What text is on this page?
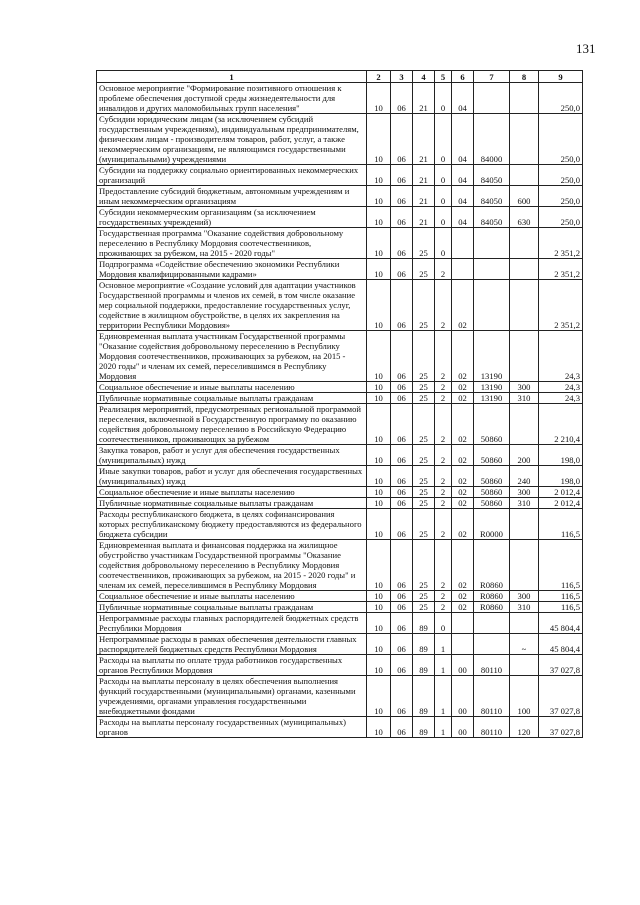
131
1	2	3	4	5	6	7	8	9
Основное мероприятие "Формирование позитивного отношения к проблеме обеспечения доступной среды жизнедеятельности для инвалидов и других маломобильных групп населения"	10	06	21	0	04			250,0
Субсидии юридическим лицам (за исключением субсидий государственным учреждениям), индивидуальным предпринимателям, физическим лицам - производителям товаров, работ, услуг, а также некоммерческим организациям, не являющимся государственными (муниципальными) учреждениями	10	06	21	0	04	84000		250,0
Субсидии на поддержку социально ориентированных некоммерческих организаций	10	06	21	0	04	84050		250,0
Предоставление субсидий бюджетным, автономным учреждениям и иным некоммерческим организациям	10	06	21	0	04	84050	600	250,0
Субсидии некоммерческим организациям (за исключением государственных учреждений)	10	06	21	0	04	84050	630	250,0
Государственная программа "Оказание содействия добровольному переселению в Республику Мордовия соотечественников, проживающих за рубежом, на 2015 - 2020 годы"	10	06	25	0				2 351,2
Подпрограмма «Содействие обеспечению экономики Республики Мордовия квалифицированными кадрами»	10	06	25	2				2 351,2
Основное мероприятие «Создание условий для адаптации участников Государственной программы и членов их семей, в том числе оказание мер социальной поддержки, предоставление государственных услуг, содействие в жилищном обустройстве, в целях их закрепления на территории Республики Мордовия»	10	06	25	2	02			2 351,2
Единовременная выплата участникам Государственной программы "Оказание содействия добровольному переселению в Республику Мордовия соотечественников, проживающих за рубежом, на 2015 - 2020 годы" и членам их семей, переселившимся в Республику Мордовия	10	06	25	2	02	13190		24,3
Социальное обеспечение и иные выплаты населению	10	06	25	2	02	13190	300	24,3
Публичные нормативные социальные выплаты гражданам	10	06	25	2	02	13190	310	24,3
Реализация мероприятий, предусмотренных региональной программой переселения, включенной в Государственную программу по оказанию содействия добровольному переселению в Российскую Федерацию соотечественников, проживающих за рубежом	10	06	25	2	02	50860		2 210,4
Закупка товаров, работ и услуг для обеспечения государственных (муниципальных) нужд	10	06	25	2	02	50860	200	198,0
Иные закупки товаров, работ и услуг для обеспечения государственных (муниципальных) нужд	10	06	25	2	02	50860	240	198,0
Социальное обеспечение и иные выплаты населению	10	06	25	2	02	50860	300	2 012,4
Публичные нормативные социальные выплаты гражданам	10	06	25	2	02	50860	310	2 012,4
Расходы республиканского бюджета, в целях софинансирования которых республиканскому бюджету предоставляются из федерального бюджета субсидии	10	06	25	2	02	R0000		116,5
Единовременная выплата и финансовая поддержка на жилищное обустройство участникам Государственной программы "Оказание содействия добровольному переселению в Республику Мордовия соотечественников, проживающих за рубежом, на 2015 - 2020 годы" и членам их семей, переселившимся в Республику Мордовия	10	06	25	2	02	R0860		116,5
Социальное обеспечение и иные выплаты населению	10	06	25	2	02	R0860	300	116,5
Публичные нормативные социальные выплаты гражданам	10	06	25	2	02	R0860	310	116,5
Непрограммные расходы главных распорядителей бюджетных средств Республики Мордовия	10	06	89	0				45 804,4
Непрограммные расходы в рамках обеспечения деятельности главных распорядителей бюджетных средств Республики Мордовия	10	06	89	1			~	45 804,4
Расходы на выплаты по оплате труда работников государственных органов Республики Мордовия	10	06	89	1	00	80110		37 027,8
Расходы на выплаты персоналу в целях обеспечения выполнения функций государственными (муниципальными) органами, казенными учреждениями, органами управления государственными внебюджетными фондами	10	06	89	1	00	80110	100	37 027,8
Расходы на выплаты персоналу государственных (муниципальных) органов	10	06	89	1	00	80110	120	37 027,8
